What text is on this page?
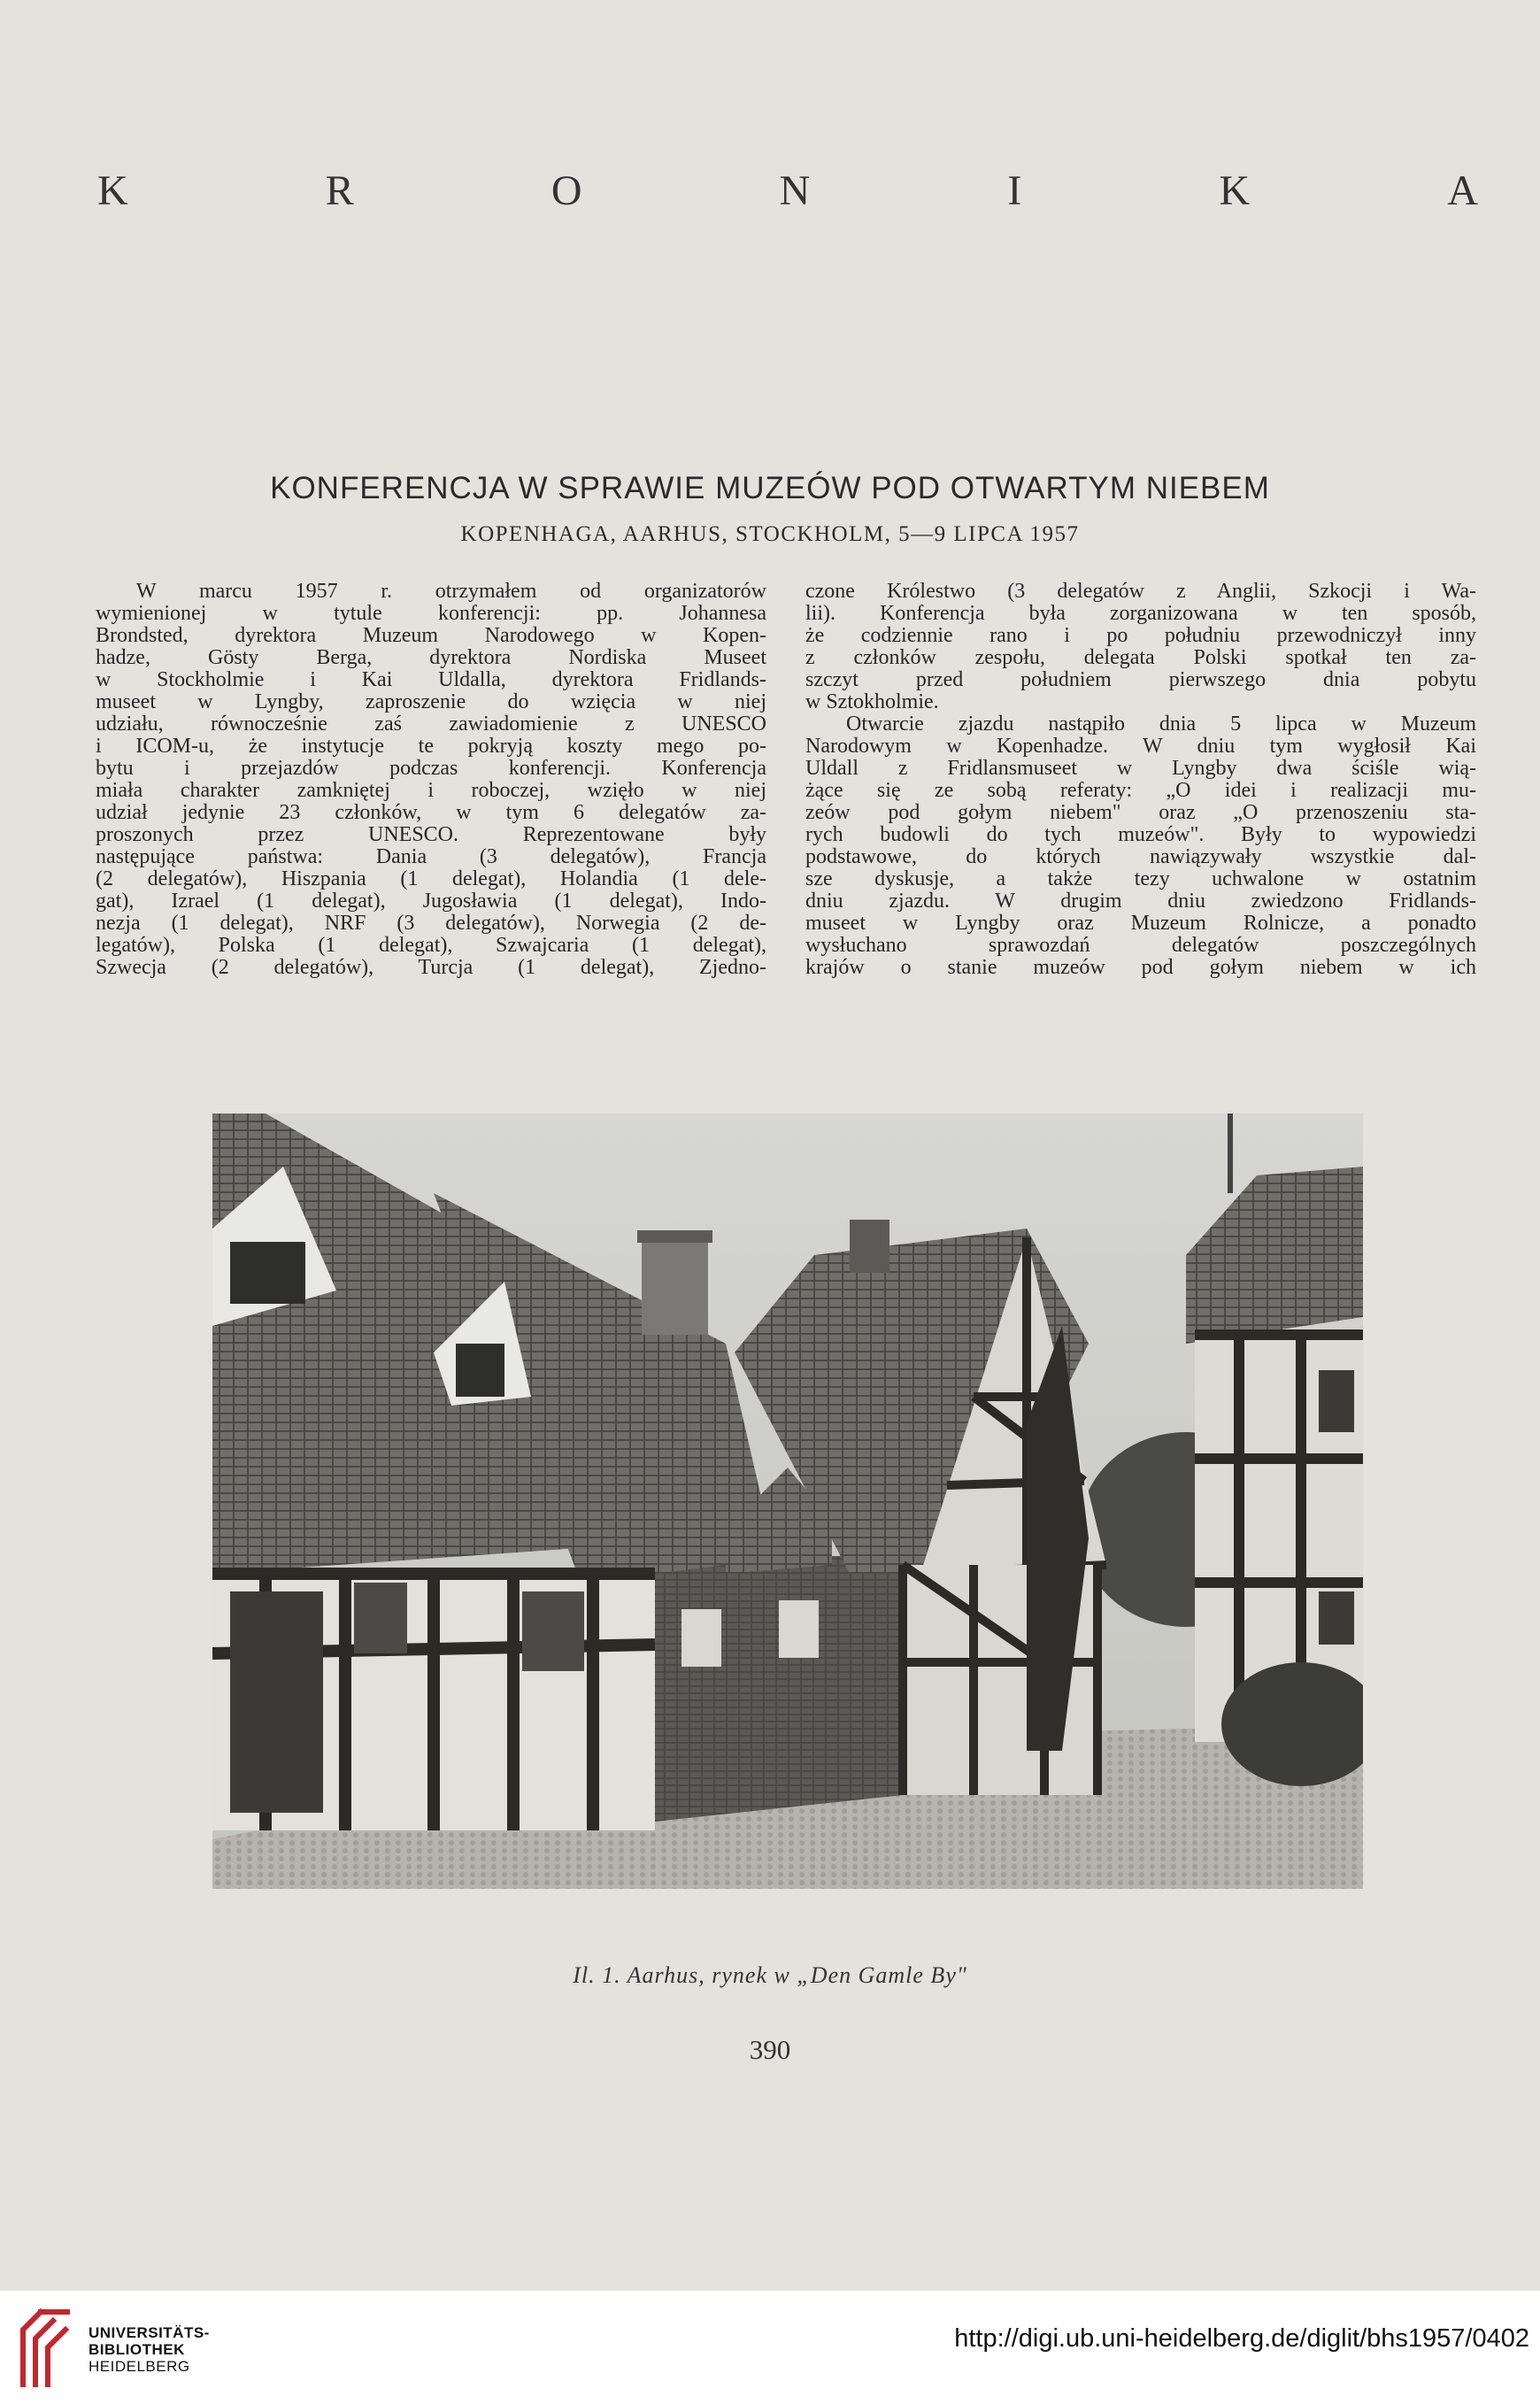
K	R	O	N	I	K	A
KONFERENCJA W SPRAWIE MUZEÓW POD OTWARTYM NIEBEM
KOPENHAGA, AARHUS, STOCKHOLM, 5—9 LIPCA 1957
W marcu 1957 r. otrzymałem od organizatorów
wymienionej w tytule konferencji: pp. Johannesa
Brondsted, dyrektora Muzeum Narodowego w Kopen-
hadze, Gösty Berga, dyrektora Nordiska Museet
w Stockholmie i Kai Uldalla, dyrektora Fridlands-
museet w Lyngby, zaproszenie do wzięcia w niej
udziału, równocześnie zaś zawiadomienie z UNESCO
i ICOM-u, że instytucje te pokryją koszty mego po-
bytu i przejazdów podczas konferencji. Konferencja
miała charakter zamkniętej i roboczej, wzięło w niej
udział jedynie 23 członków, w tym 6 delegatów za-
proszonych przez UNESCO. Reprezentowane były
następujące państwa: Dania (3 delegatów), Francja
(2 delegatów), Hiszpania (1 delegat), Holandia (1 dele-
gat), Izrael (1 delegat), Jugosławia (1 delegat), Indo-
nezja (1 delegat), NRF (3 delegatów), Norwegia (2 de-
legatów), Polska (1 delegat), Szwajcaria (1 delegat),
Szwecja (2 delegatów), Turcja (1 delegat), Zjedno-
czone Królestwo (3 delegatów z Anglii, Szkocji i Wa-
lii). Konferencja była zorganizowana w ten sposób,
że codziennie rano i po południu przewodniczył inny
z członków zespołu, delegata Polski spotkał ten za-
szczyt przed południem pierwszego dnia pobytu
w Sztokholmie.
Otwarcie zjazdu nastąpiło dnia 5 lipca w Muzeum
Narodowym w Kopenhadze. W dniu tym wygłosił Kai
Uldall z Fridlansmuseet w Lyngby dwa ściśle wią-
żące się ze sobą referaty: „O idei i realizacji mu-
zeów pod gołym niebem" oraz „O przenoszeniu sta-
rych budowli do tych muzeów". Były to wypowiedzi
podstawowe, do których nawiązywały wszystkie dal-
sze dyskusje, a także tezy uchwalone w ostatnim
dniu zjazdu. W drugim dniu zwiedzono Fridlands-
museet w Lyngby oraz Muzeum Rolnicze, a ponadto
wysłuchano sprawozdań delegatów poszczególnych
krajów o stanie muzeów pod gołym niebem w ich
Il. 1. Aarhus, rynek w „Den Gamle By"
390
UNIVERSITÄTS-
BIBLIOTHEK
HEIDELBERG
http://digi.ub.uni-heidelberg.de/diglit/bhs1957/0402
